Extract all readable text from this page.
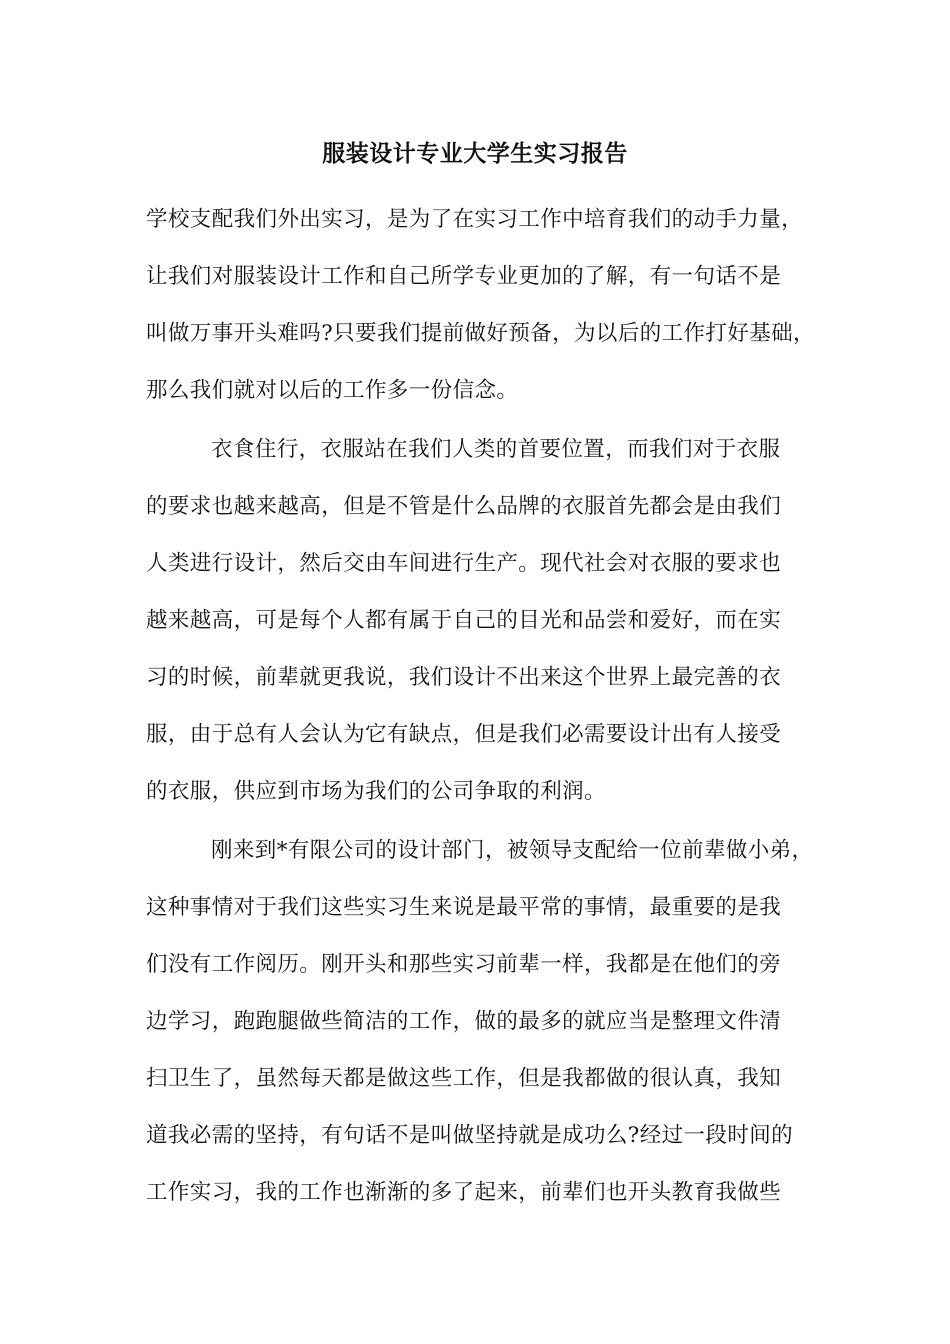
服装设计专业大学生实习报告
学校支配我们外出实习，是为了在实习工作中培育我们的动手力量，
让我们对服装设计工作和自己所学专业更加的了解，有一句话不是
叫做万事开头难吗?只要我们提前做好预备，为以后的工作打好基础，
那么我们就对以后的工作多一份信念。
衣食住行，衣服站在我们人类的首要位置，而我们对于衣服
的要求也越来越高，但是不管是什么品牌的衣服首先都会是由我们
人类进行设计，然后交由车间进行生产。现代社会对衣服的要求也
越来越高，可是每个人都有属于自己的目光和品尝和爱好，而在实
习的时候，前辈就更我说，我们设计不出来这个世界上最完善的衣
服，由于总有人会认为它有缺点，但是我们必需要设计出有人接受
的衣服，供应到市场为我们的公司争取的利润。
刚来到*有限公司的设计部门，被领导支配给一位前辈做小弟，
这种事情对于我们这些实习生来说是最平常的事情，最重要的是我
们没有工作阅历。刚开头和那些实习前辈一样，我都是在他们的旁
边学习，跑跑腿做些简洁的工作，做的最多的就应当是整理文件清
扫卫生了，虽然每天都是做这些工作，但是我都做的很认真，我知
道我必需的坚持，有句话不是叫做坚持就是成功么?经过一段时间的
工作实习，我的工作也渐渐的多了起来，前辈们也开头教育我做些
